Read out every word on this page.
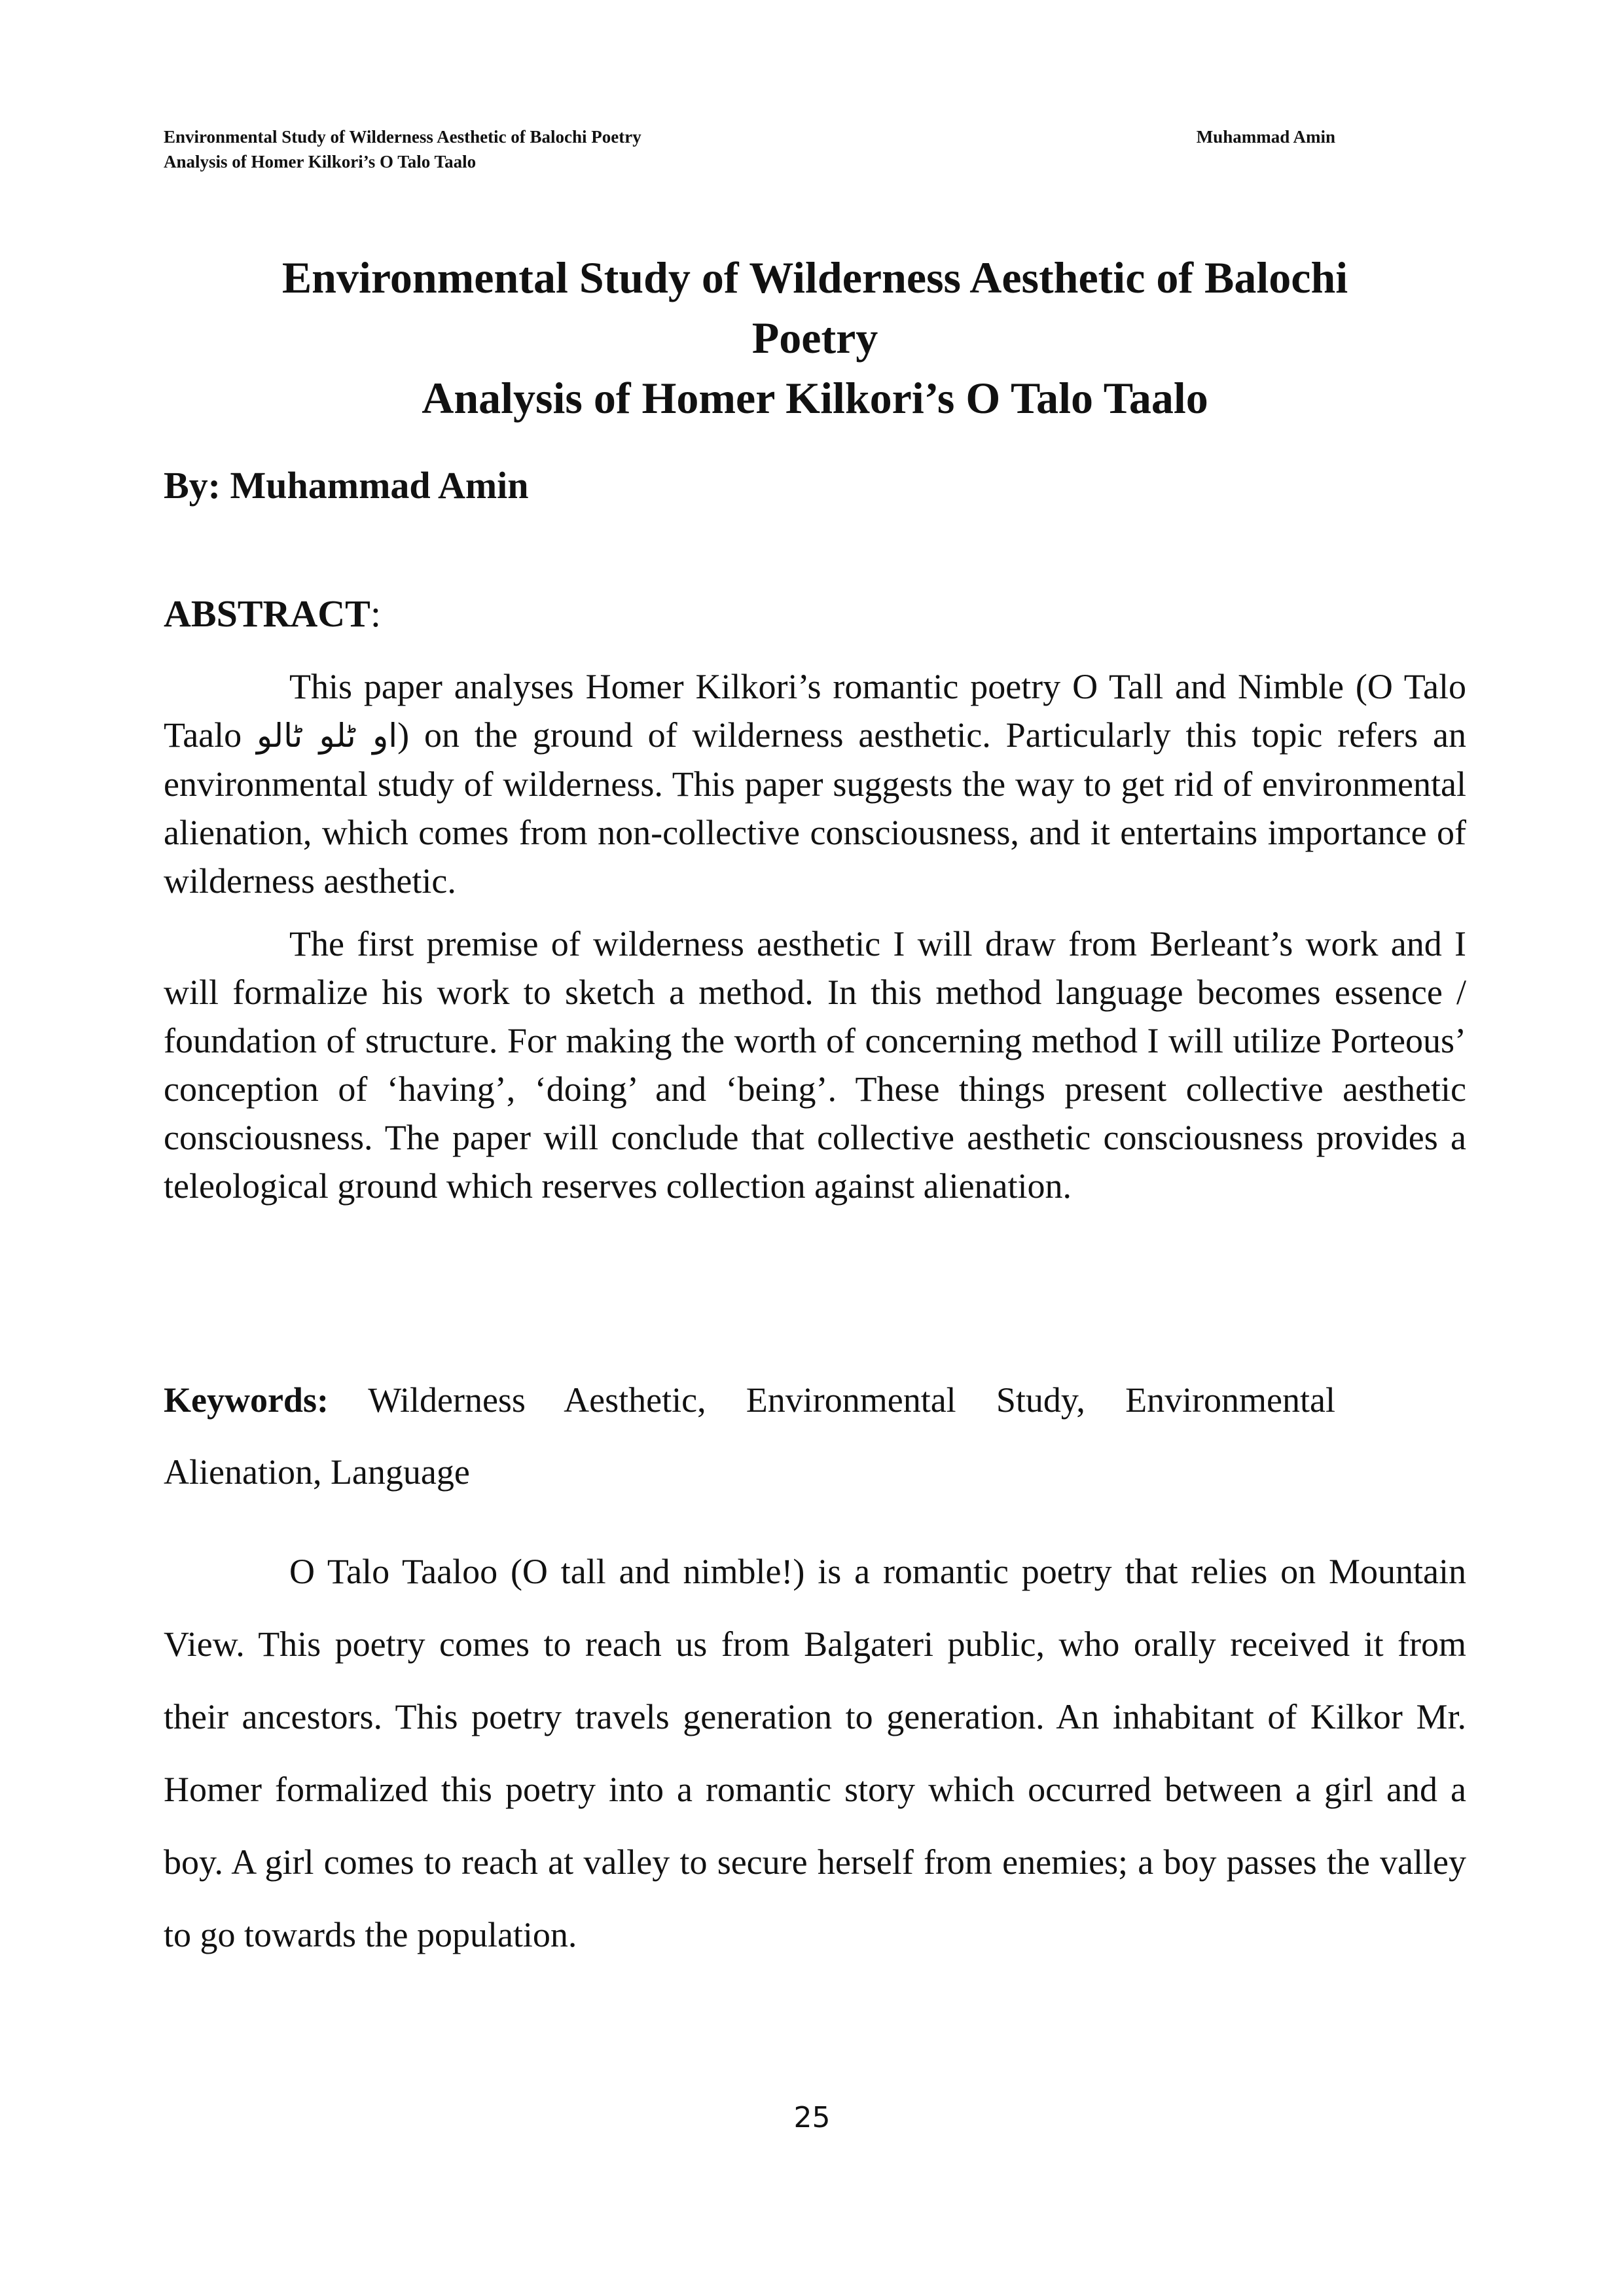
Environmental Study of Wilderness Aesthetic of Balochi Poetry	Muhammad Amin
Analysis of Homer Kilkori’s O Talo Taalo
Environmental Study of Wilderness Aesthetic of Balochi
Poetry
Analysis of Homer Kilkori’s O Talo Taalo
By: Muhammad Amin
ABSTRACT:

This paper analyses Homer Kilkori’s romantic poetry O Tall and Nimble (O Talo Taalo او ٹلو ٹالو) on the ground of wilderness aesthetic. Particularly this topic refers an environmental study of wilderness. This paper suggests the way to get rid of environmental alienation, which comes from non-collective consciousness, and it entertains importance of wilderness aesthetic.

The first premise of wilderness aesthetic I will draw from Berleant’s work and I will formalize his work to sketch a method. In this method language becomes essence / foundation of structure. For making the worth of concerning method I will utilize Porteous’ conception of ‘having’, ‘doing’ and ‘being’. These things present collective aesthetic consciousness. The paper will conclude that collective aesthetic consciousness provides a teleological ground which reserves collection against alienation.

Keywords: Wilderness Aesthetic, Environmental Study, Environmental Alienation, Language

O Talo Taaloo (O tall and nimble!) is a romantic poetry that relies on Mountain View. This poetry comes to reach us from Balgateri public, who orally received it from their ancestors. This poetry travels generation to generation. An inhabitant of Kilkor Mr. Homer formalized this poetry into a romantic story which occurred between a girl and a boy. A girl comes to reach at valley to secure herself from enemies; a boy passes the valley to go towards the population.

25
